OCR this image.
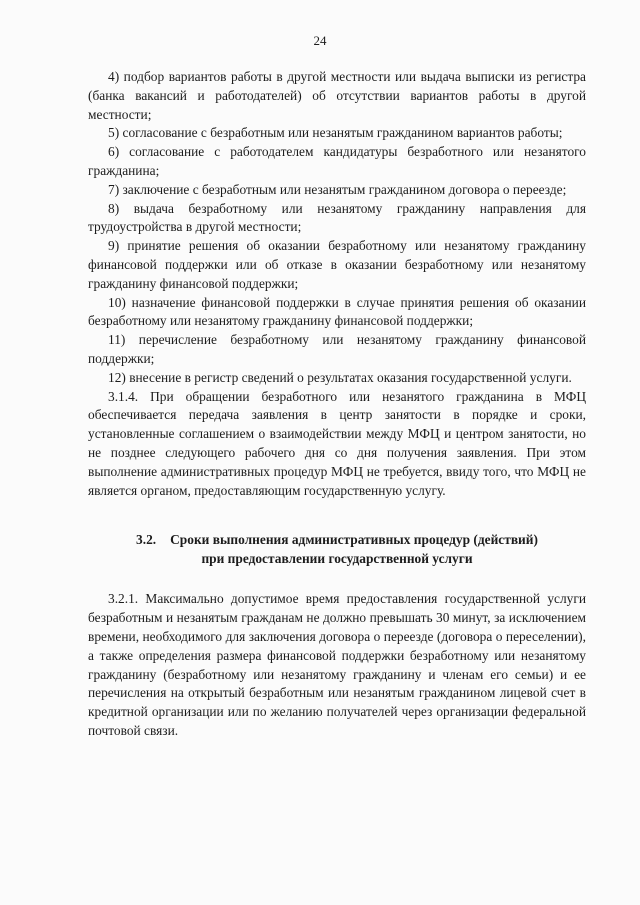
24

4) подбор вариантов работы в другой местности или выдача выписки из регистра (банка вакансий и работодателей) об отсутствии вариантов работы в другой местности;

5) согласование с безработным или незанятым гражданином вариантов работы;

6) согласование с работодателем кандидатуры безработного или незанятого гражданина;

7) заключение с безработным или незанятым гражданином договора о переезде;

8) выдача безработному или незанятому гражданину направления для трудоустройства в другой местности;

9) принятие решения об оказании безработному или незанятому гражданину финансовой поддержки или об отказе в оказании безработному или незанятому гражданину финансовой поддержки;

10) назначение финансовой поддержки в случае принятия решения об оказании безработному или незанятому гражданину финансовой поддержки;

11) перечисление безработному или незанятому гражданину финансовой поддержки;

12) внесение в регистр сведений о результатах оказания государственной услуги.

3.1.4. При обращении безработного или незанятого гражданина в МФЦ обеспечивается передача заявления в центр занятости в порядке и сроки, установленные соглашением о взаимодействии между МФЦ и центром занятости, но не позднее следующего рабочего дня со дня получения заявления. При этом выполнение административных процедур МФЦ не требуется, ввиду того, что МФЦ не является органом, предоставляющим государственную услугу.

3.2. Сроки выполнения административных процедур (действий)
при предоставлении государственной услуги

3.2.1. Максимально допустимое время предоставления государственной услуги безработным и незанятым гражданам не должно превышать 30 минут, за исключением времени, необходимого для заключения договора о переезде (договора о переселении), а также определения размера финансовой поддержки безработному или незанятому гражданину (безработному или незанятому гражданину и членам его семьи) и ее перечисления на открытый безработным или незанятым гражданином лицевой счет в кредитной организации или по желанию получателей через организации федеральной почтовой связи.
